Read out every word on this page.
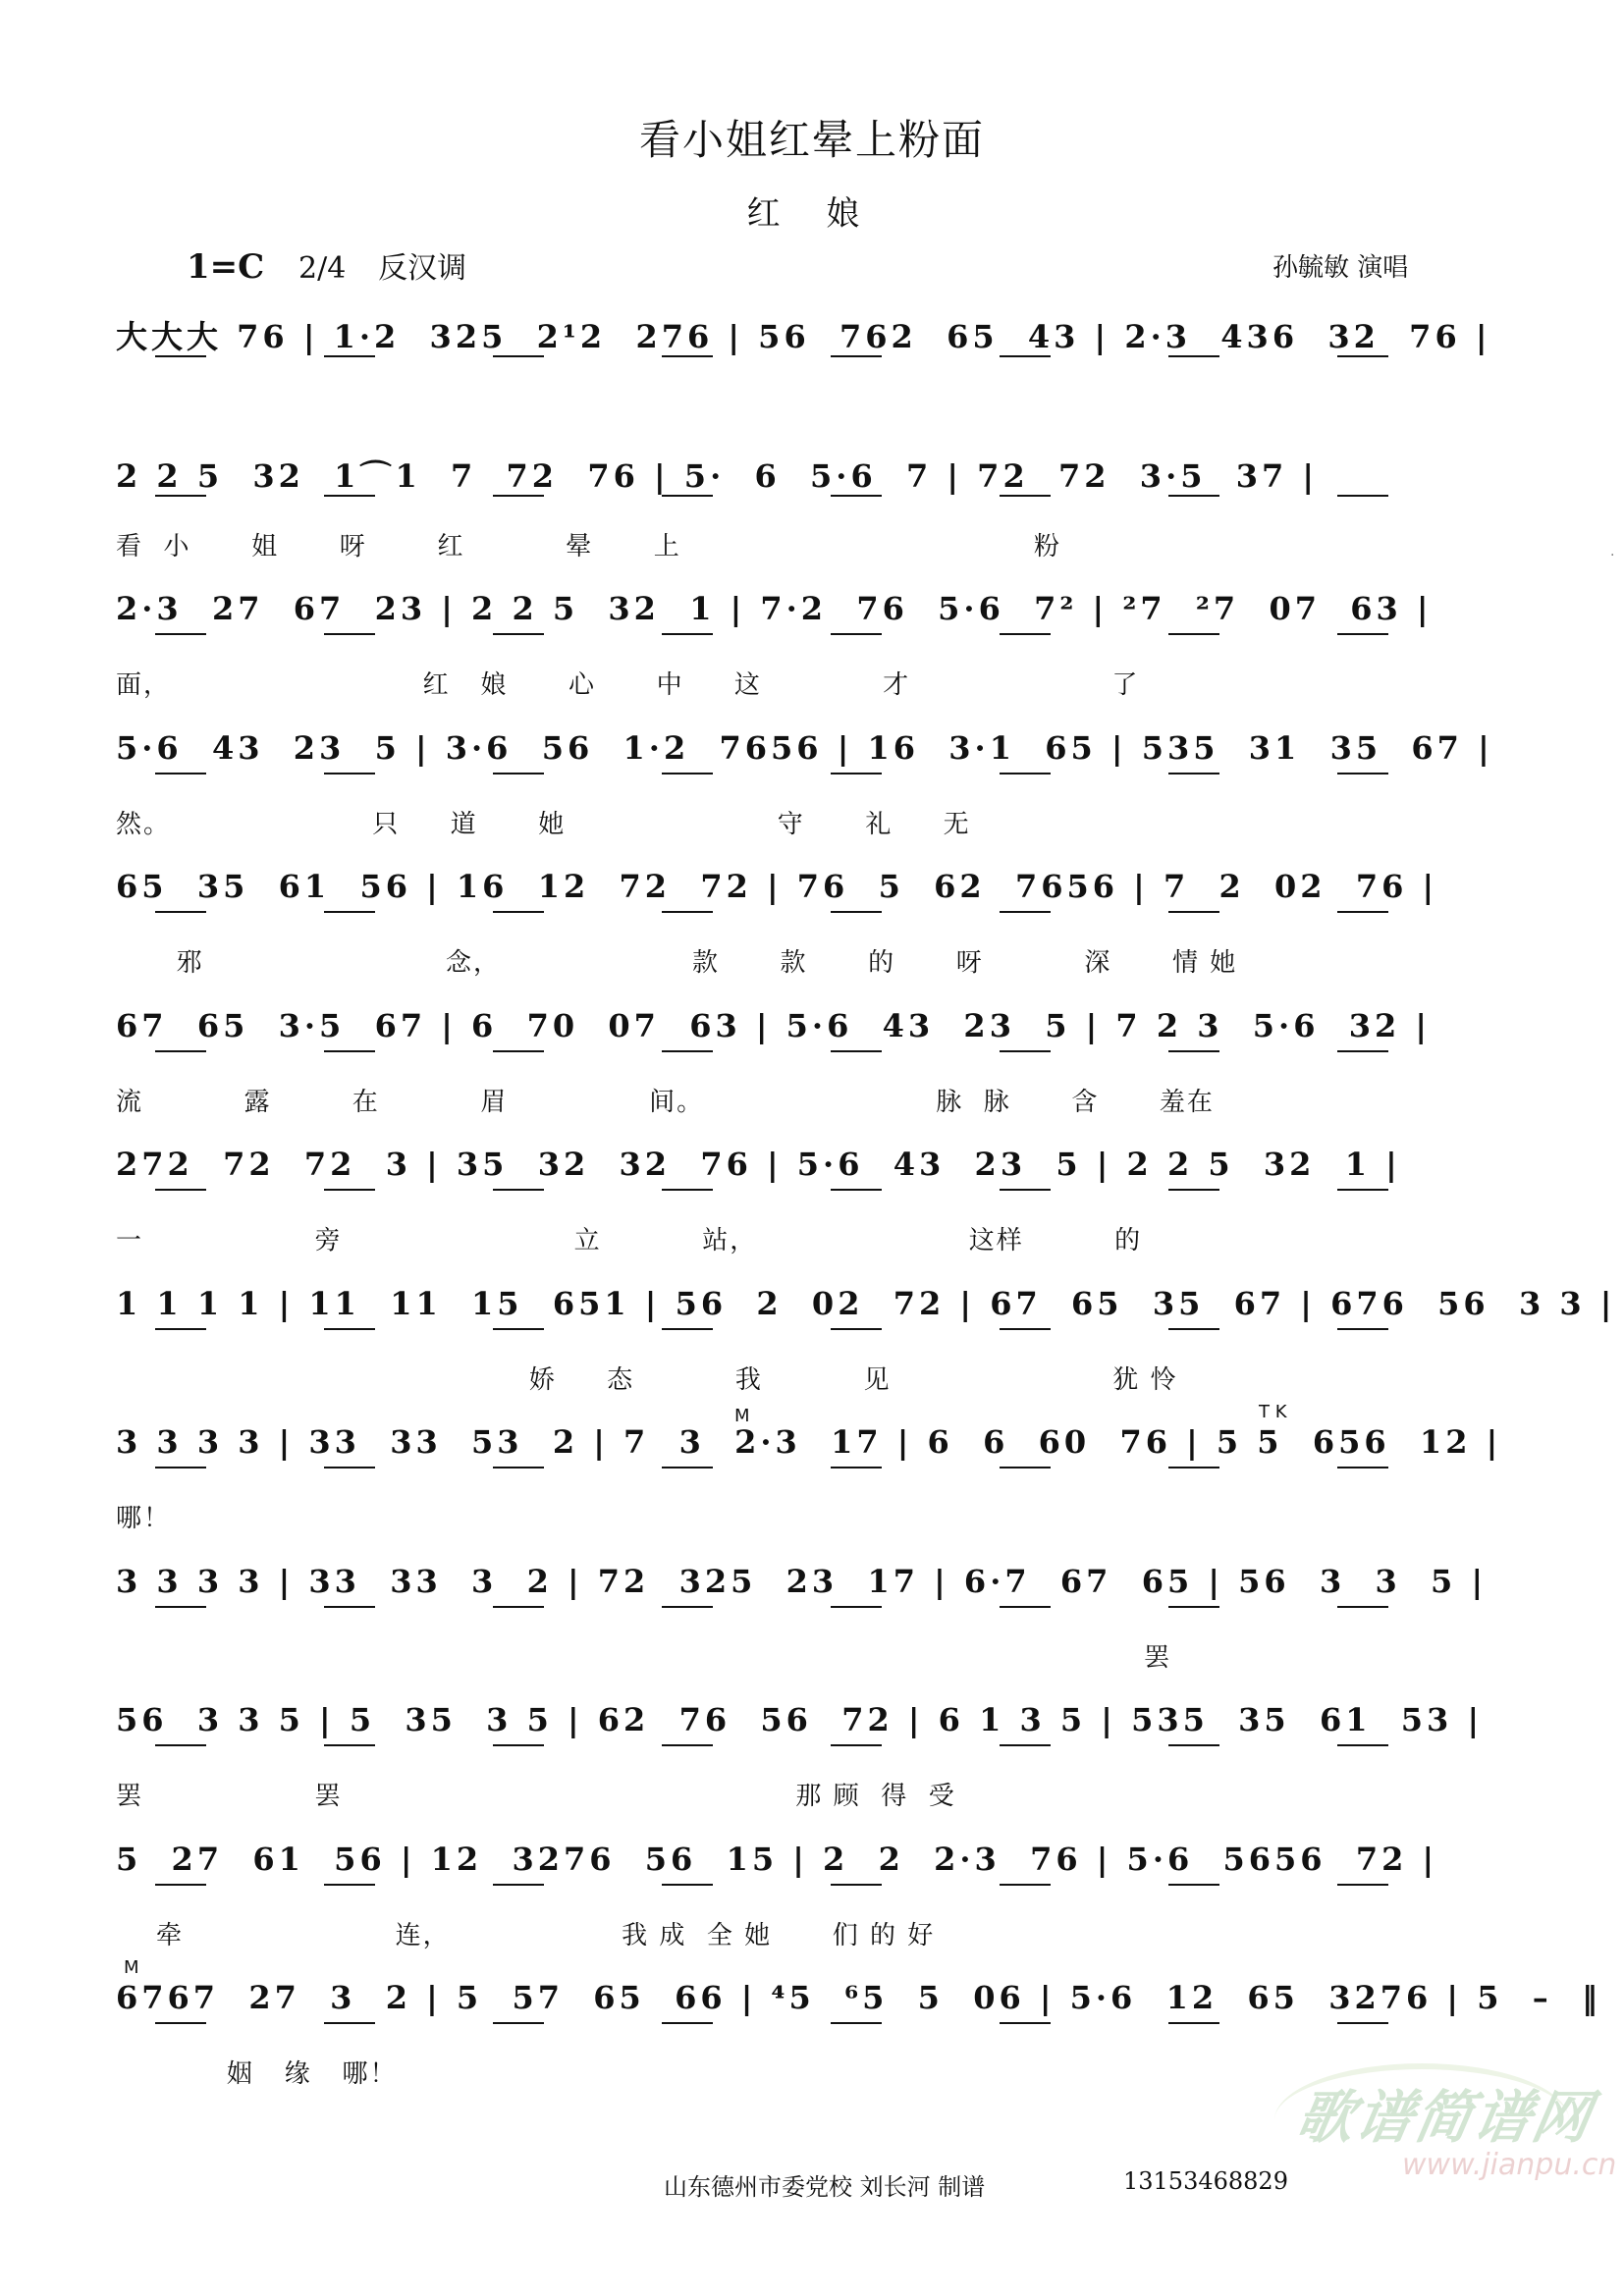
看小姐红晕上粉面
红 娘
1=C 2/4 反汉调	孙毓敏 演唱
大大大 76 | 1·2  325  2¹2  276 | 56  762  65  43 | 2·3  436  32  76 |
2 2 5  32  1⌒1  7  72  76 | 5·  6  5·6  7 | 72  72  3·5  37 |
看  小      姐      呀       红          晕      上                                   粉
2·3  27  67  23 | 2 2 5  32  1 | 7·2  76  5·6  7² | ²7  ²7  07  63 |
面，                         红   娘      心      中     这            才                    了
5·6  43  23  5 | 3·6  56  1·2  7656 | 16  3·1  65 | 535  31  35  67 |
然。                    只     道      她                     守      礼     无
65  35  61  56 | 16  12  72  72 | 76  5  62  7656 | 7  2  02  76 |
邪                        念，                   款      款      的      呀          深      情 她
67  65  3·5  67 | 6  70  07  63 | 5·6  43  23  5 | 7 2 3  5·6  32 |
流          露        在          眉              间。                       脉  脉      含      羞在
272  72  72  3 | 35  32  32  76 | 5·6  43  23  5 | 2 2 5  32  1 |
一                 旁                       立          站，                     这样         的
1 1 1 1 | 11  11  15  651 | 56  2  02  72 | 67  65  35  67 | 676  56  3 3 |
娇     态          我          见                      犹 怜
3 3 3 3 | 33  33  53  2 | 7  3  2·3  17 | 6  6  60  76 | 5 5  656  12 |
哪！
3 3 3 3 | 33  33  3  2 | 72  325  23  17 | 6·7  67  65 | 56  3  3  5 |
罢
56  3 3 5 | 5  35  3 5 | 62  76  56  72 | 6 1 3 5 | 535  35  61  53 |
罢                 罢                                             那 顾  得  受
5  27  61  56 | 12  3276  56  15 | 2  2  2·3  76 | 5·6  5656  72 |
牵                     连，                 我 成  全 她      们 的 好
6767  27  3  2 | 5  57  65  66 | ⁴5  ⁶5  5  06 | 5·6  12  65  3276 | 5  –  ‖
姻   缘   哪！
T K
M
M
山东德州市委党校 刘长河 制谱	13153468829
歌谱简谱网
www.jianpu.cn
·
